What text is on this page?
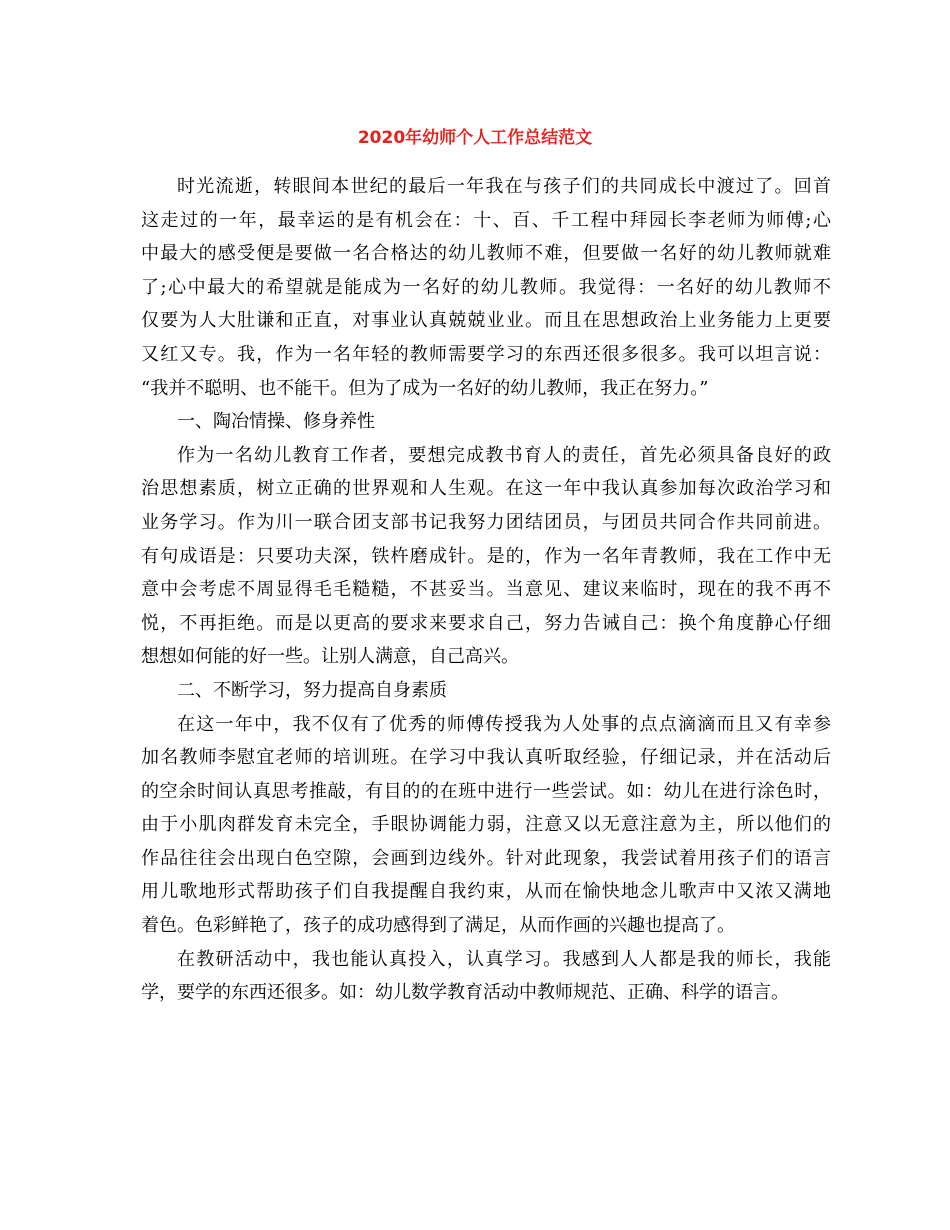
2020年幼师个人工作总结范文
时光流逝，转眼间本世纪的最后一年我在与孩子们的共同成长中渡过了。回首
这走过的一年，最幸运的是有机会在：十、百、千工程中拜园长李老师为师傅;心
中最大的感受便是要做一名合格达的幼儿教师不难，但要做一名好的幼儿教师就难
了;心中最大的希望就是能成为一名好的幼儿教师。我觉得：一名好的幼儿教师不
仅要为人大肚谦和正直，对事业认真兢兢业业。而且在思想政治上业务能力上更要
又红又专。我，作为一名年轻的教师需要学习的东西还很多很多。我可以坦言说：
“我并不聪明、也不能干。但为了成为一名好的幼儿教师，我正在努力。”
一、陶冶情操、修身养性
作为一名幼儿教育工作者，要想完成教书育人的责任，首先必须具备良好的政
治思想素质，树立正确的世界观和人生观。在这一年中我认真参加每次政治学习和
业务学习。作为川一联合团支部书记我努力团结团员，与团员共同合作共同前进。
有句成语是：只要功夫深，铁杵磨成针。是的，作为一名年青教师，我在工作中无
意中会考虑不周显得毛毛糙糙，不甚妥当。当意见、建议来临时，现在的我不再不
悦，不再拒绝。而是以更高的要求来要求自己，努力告诫自己：换个角度静心仔细
想想如何能的好一些。让别人满意，自己高兴。
二、不断学习，努力提高自身素质
在这一年中，我不仅有了优秀的师傅传授我为人处事的点点滴滴而且又有幸参
加名教师李慰宜老师的培训班。在学习中我认真听取经验，仔细记录，并在活动后
的空余时间认真思考推敲，有目的的在班中进行一些尝试。如：幼儿在进行涂色时，
由于小肌肉群发育未完全，手眼协调能力弱，注意又以无意注意为主，所以他们的
作品往往会出现白色空隙，会画到边线外。针对此现象，我尝试着用孩子们的语言
用儿歌地形式帮助孩子们自我提醒自我约束，从而在愉快地念儿歌声中又浓又满地
着色。色彩鲜艳了，孩子的成功感得到了满足，从而作画的兴趣也提高了。
在教研活动中，我也能认真投入，认真学习。我感到人人都是我的师长，我能
学，要学的东西还很多。如：幼儿数学教育活动中教师规范、正确、科学的语言。
